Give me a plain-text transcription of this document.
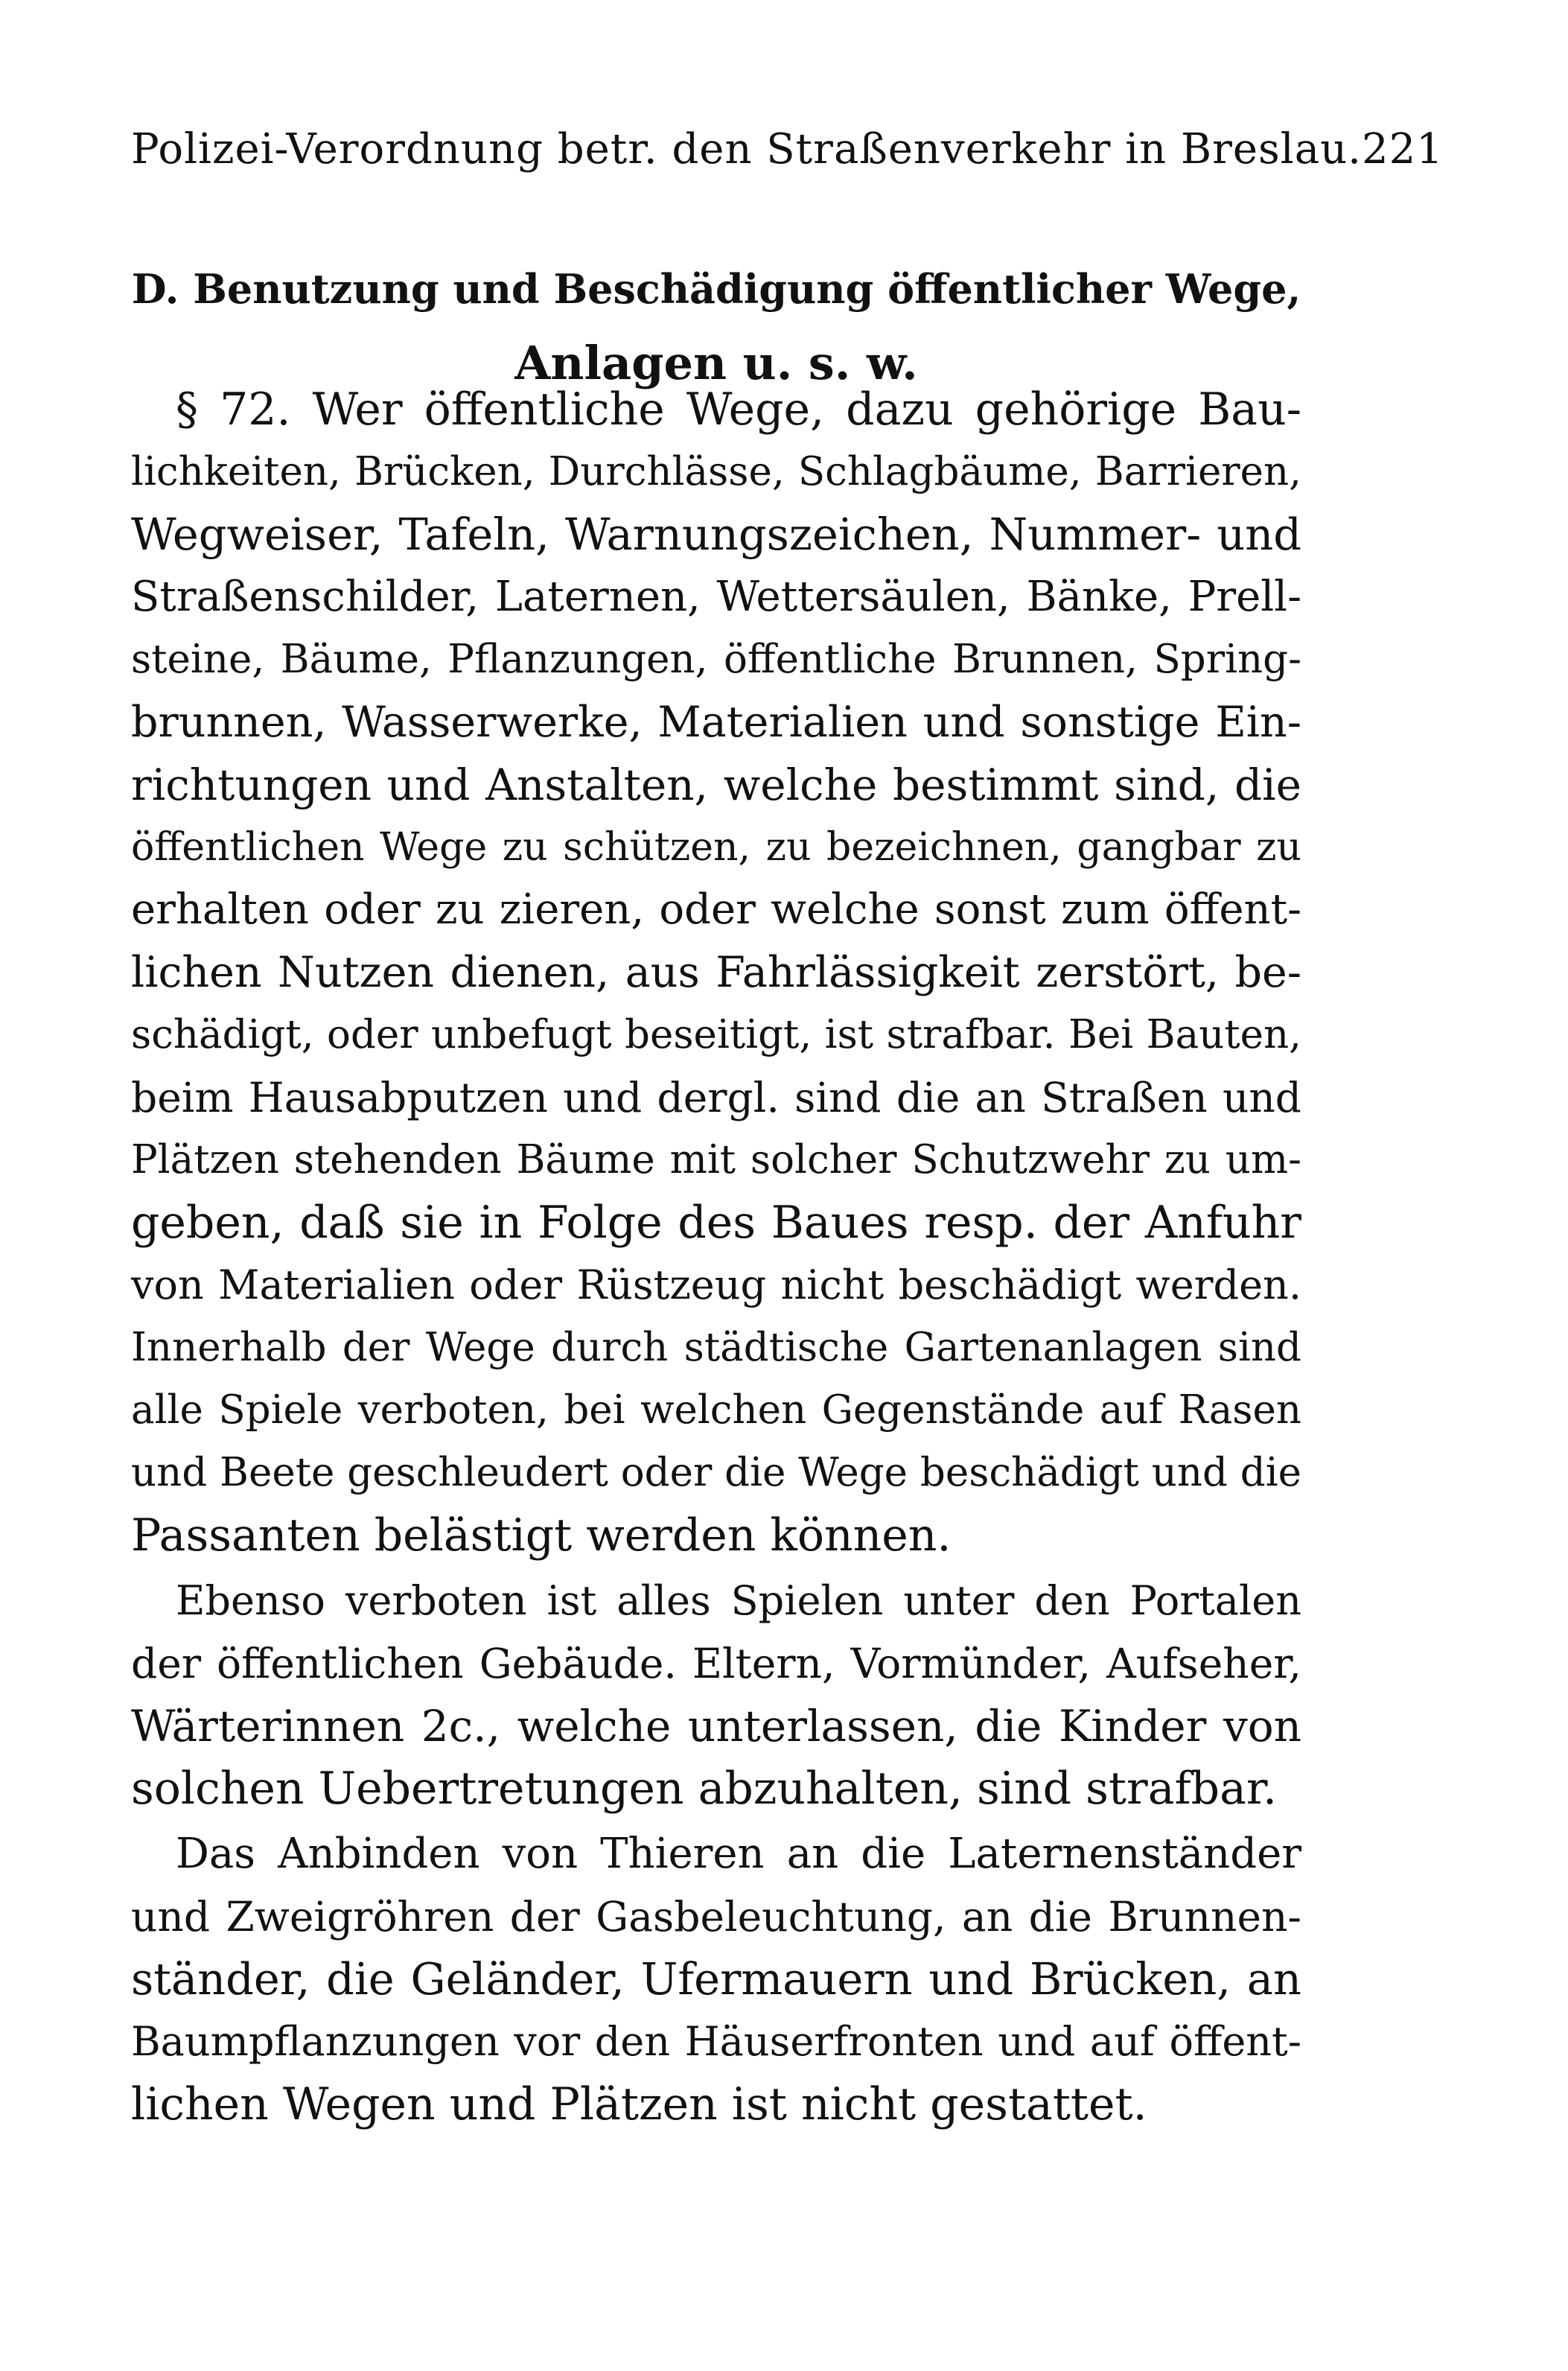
Polizei-Verordnung betr. den Straßenverkehr in Breslau. 221
D. Benutzung und Beschädigung öffentlicher Wege,
Anlagen u. s. w.
§ 72. Wer öffentliche Wege, dazu gehörige Bau-
lichkeiten, Brücken, Durchlässe, Schlagbäume, Barrieren,
Wegweiser, Tafeln, Warnungszeichen, Nummer- und
Straßenschilder, Laternen, Wettersäulen, Bänke, Prell-
steine, Bäume, Pflanzungen, öffentliche Brunnen, Spring-
brunnen, Wasserwerke, Materialien und sonstige Ein-
richtungen und Anstalten, welche bestimmt sind, die
öffentlichen Wege zu schützen, zu bezeichnen, gangbar zu
erhalten oder zu zieren, oder welche sonst zum öffent-
lichen Nutzen dienen, aus Fahrlässigkeit zerstört, be-
schädigt, oder unbefugt beseitigt, ist strafbar. Bei Bauten,
beim Hausabputzen und dergl. sind die an Straßen und
Plätzen stehenden Bäume mit solcher Schutzwehr zu um-
geben, daß sie in Folge des Baues resp. der Anfuhr
von Materialien oder Rüstzeug nicht beschädigt werden.
Innerhalb der Wege durch städtische Gartenanlagen sind
alle Spiele verboten, bei welchen Gegenstände auf Rasen
und Beete geschleudert oder die Wege beschädigt und die
Passanten belästigt werden können.
Ebenso verboten ist alles Spielen unter den Portalen
der öffentlichen Gebäude. Eltern, Vormünder, Aufseher,
Wärterinnen 2c., welche unterlassen, die Kinder von
solchen Uebertretungen abzuhalten, sind strafbar.
Das Anbinden von Thieren an die Laternenständer
und Zweigröhren der Gasbeleuchtung, an die Brunnen-
ständer, die Geländer, Ufermauern und Brücken, an
Baumpflanzungen vor den Häuserfronten und auf öffent-
lichen Wegen und Plätzen ist nicht gestattet.
